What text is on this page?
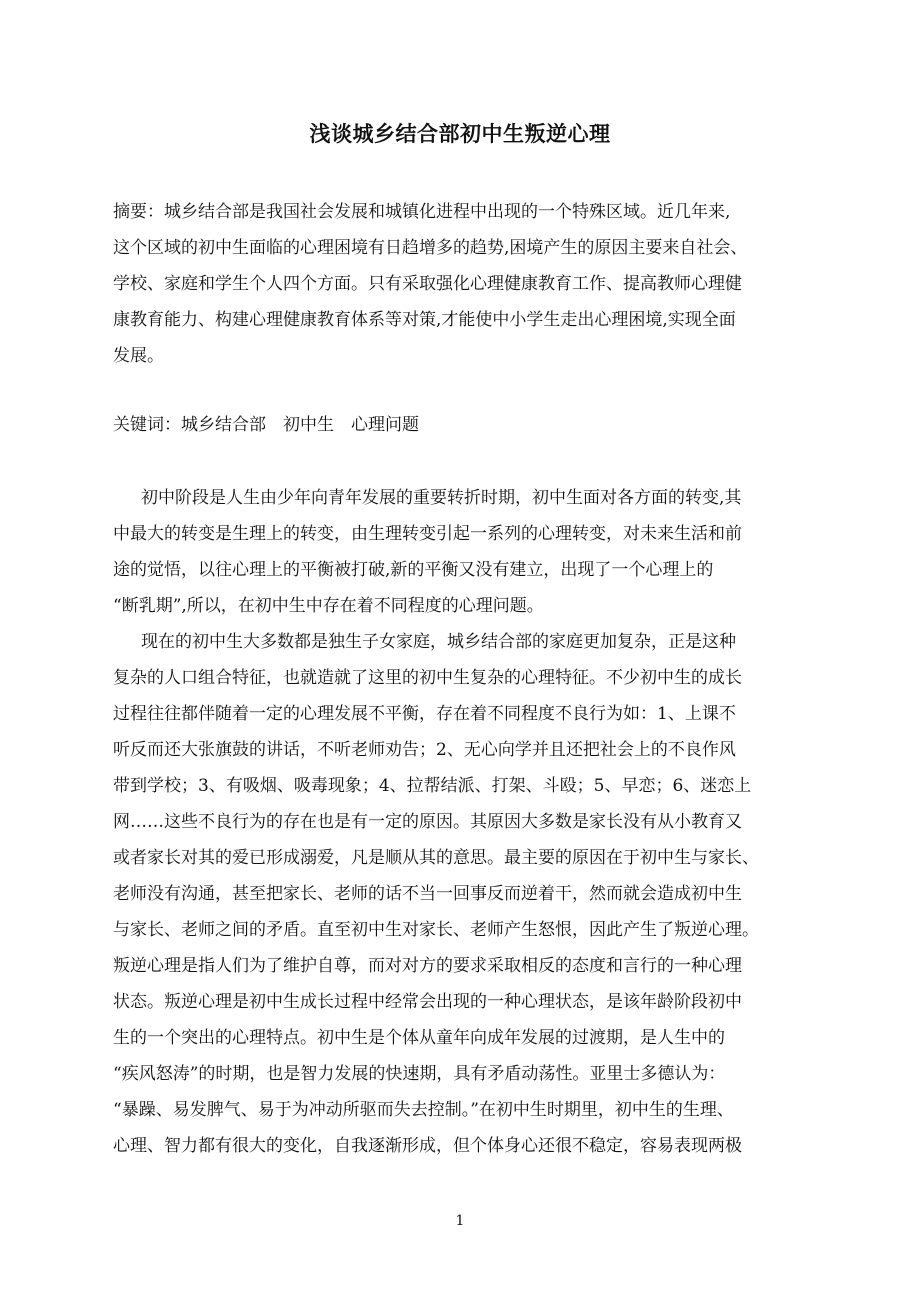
浅谈城乡结合部初中生叛逆心理
摘要：城乡结合部是我国社会发展和城镇化进程中出现的一个特殊区域。近几年来,
这个区域的初中生面临的心理困境有日趋增多的趋势,困境产生的原因主要来自社会、
学校、家庭和学生个人四个方面。只有采取强化心理健康教育工作、提高教师心理健
康教育能力、构建心理健康教育体系等对策,才能使中小学生走出心理困境,实现全面
发展。
关键词：城乡结合部 初中生 心理问题
初中阶段是人生由少年向青年发展的重要转折时期，初中生面对各方面的转变,其
中最大的转变是生理上的转变，由生理转变引起一系列的心理转变，对未来生活和前
途的觉悟，以往心理上的平衡被打破,新的平衡又没有建立，出现了一个心理上的
“断乳期”,所以，在初中生中存在着不同程度的心理问题。
现在的初中生大多数都是独生子女家庭，城乡结合部的家庭更加复杂，正是这种
复杂的人口组合特征，也就造就了这里的初中生复杂的心理特征。不少初中生的成长
过程往往都伴随着一定的心理发展不平衡，存在着不同程度不良行为如：1、上课不
听反而还大张旗鼓的讲话，不听老师劝告；2、无心向学并且还把社会上的不良作风
带到学校；3、有吸烟、吸毒现象；4、拉帮结派、打架、斗殴；5、早恋；6、迷恋上
网……这些不良行为的存在也是有一定的原因。其原因大多数是家长没有从小教育又
或者家长对其的爱已形成溺爱，凡是顺从其的意思。最主要的原因在于初中生与家长、
老师没有沟通，甚至把家长、老师的话不当一回事反而逆着干，然而就会造成初中生
与家长、老师之间的矛盾。直至初中生对家长、老师产生怒恨，因此产生了叛逆心理。
叛逆心理是指人们为了维护自尊，而对对方的要求采取相反的态度和言行的一种心理
状态。叛逆心理是初中生成长过程中经常会出现的一种心理状态，是该年龄阶段初中
生的一个突出的心理特点。初中生是个体从童年向成年发展的过渡期，是人生中的
“疾风怒涛”的时期，也是智力发展的快速期，具有矛盾动荡性。亚里士多德认为：
“暴躁、易发脾气、易于为冲动所驱而失去控制。”在初中生时期里，初中生的生理、
心理、智力都有很大的变化，自我逐渐形成，但个体身心还很不稳定，容易表现两极
1
